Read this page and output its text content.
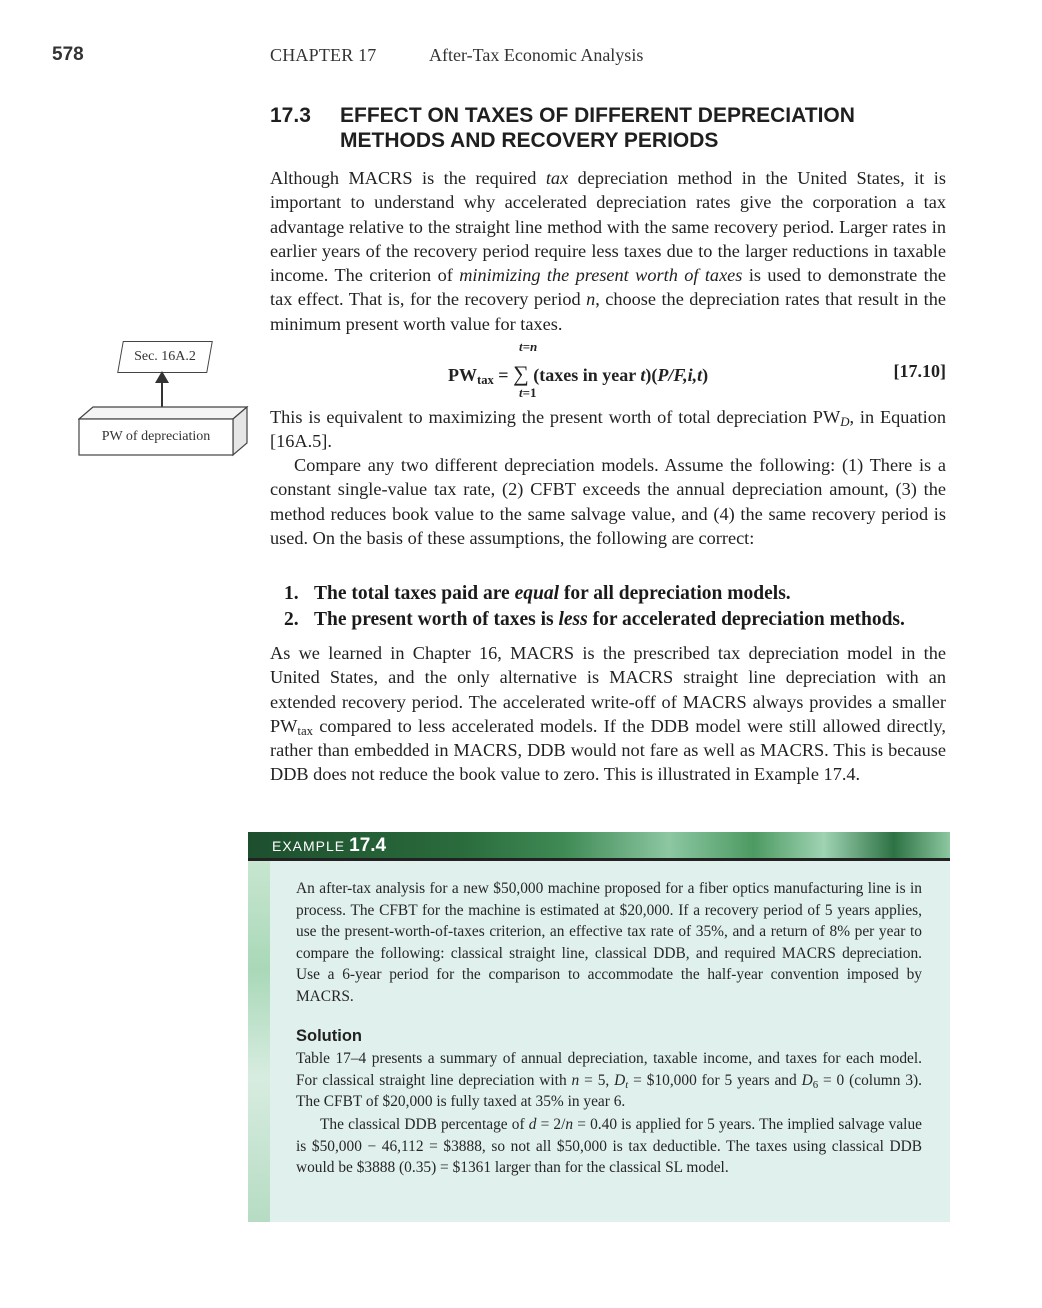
578	CHAPTER 17	After-Tax Economic Analysis
17.3 EFFECT ON TAXES OF DIFFERENT DEPRECIATION
METHODS AND RECOVERY PERIODS
Although MACRS is the required tax depreciation method in the United States, it is important to understand why accelerated depreciation rates give the corporation a tax advantage relative to the straight line method with the same recovery period. Larger rates in earlier years of the recovery period require less taxes due to the larger reductions in taxable income. The criterion of minimizing the present worth of taxes is used to demonstrate the tax effect. That is, for the recovery period n, choose the depreciation rates that result in the minimum present worth value for taxes.
Sec. 16A.2
PW of depreciation
t=n
$PW_{tax}$ = ∑ (taxes in year t)(P/F,i,t)
t=1
[17.10]
This is equivalent to maximizing the present worth of total depreciation $PW_D$, in Equation [16A.5].
Compare any two different depreciation models. Assume the following: (1) There is a constant single-value tax rate, (2) CFBT exceeds the annual depreciation amount, (3) the method reduces book value to the same salvage value, and (4) the same recovery period is used. On the basis of these assumptions, the following are correct:
1. The total taxes paid are equal for all depreciation models.
2. The present worth of taxes is less for accelerated depreciation methods.
As we learned in Chapter 16, MACRS is the prescribed tax depreciation model in the United States, and the only alternative is MACRS straight line depreciation with an extended recovery period. The accelerated write-off of MACRS always provides a smaller $PW_{tax}$ compared to less accelerated models. If the DDB model were still allowed directly, rather than embedded in MACRS, DDB would not fare as well as MACRS. This is because DDB does not reduce the book value to zero. This is illustrated in Example 17.4.
EXAMPLE 17.4
An after-tax analysis for a new $50,000 machine proposed for a fiber optics manufacturing line is in process. The CFBT for the machine is estimated at $20,000. If a recovery period of 5 years applies, use the present-worth-of-taxes criterion, an effective tax rate of 35%, and a return of 8% per year to compare the following: classical straight line, classical DDB, and required MACRS depreciation. Use a 6-year period for the comparison to accommodate the half-year convention imposed by MACRS.
Solution
Table 17–4 presents a summary of annual depreciation, taxable income, and taxes for each model. For classical straight line depreciation with n = 5, $D_t$ = $10,000 for 5 years and $D_6 = 0$ (column 3). The CFBT of $20,000 is fully taxed at 35% in year 6.
The classical DDB percentage of d = 2/n = 0.40 is applied for 5 years. The implied salvage value is $50,000 − 46,112 = $3888, so not all $50,000 is tax deductible. The taxes using classical DDB would be $3888 (0.35) = $1361 larger than for the classical SL model.
